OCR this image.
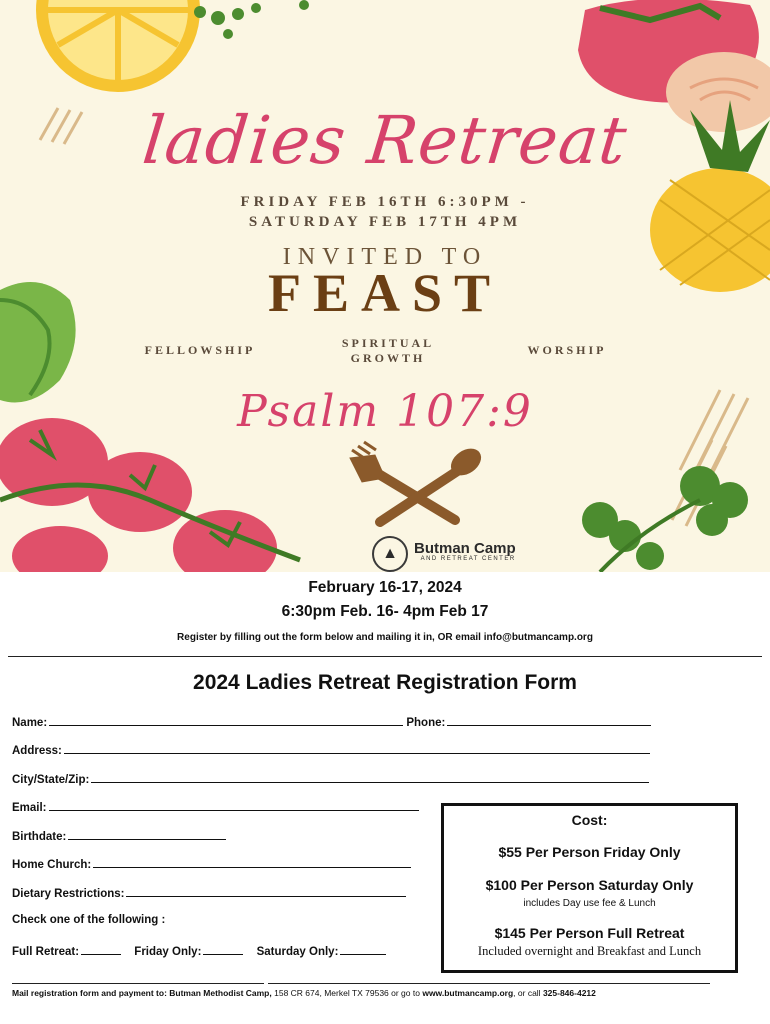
ladies Retreat
FRIDAY FEB 16TH 6:30PM -
SATURDAY FEB 17TH 4PM
INVITED TO
FEAST
FELLOWSHIP	SPIRITUAL
GROWTH
WORSHIP
Psalm 107:9
▲	Butman Camp
AND RETREAT CENTER
February 16-17, 2024
6:30pm Feb. 16- 4pm Feb 17
Register by filling out the form below and mailing it in, OR email info@butmancamp.org
2024 Ladies Retreat Registration Form
Name:	Phone:
Address:
City/State/Zip:
Email:
Birthdate:
Home Church:
Dietary Restrictions:
Check one of the following :
Full Retreat:	Friday Only:	Saturday Only:
Cost:
$55 Per Person Friday Only
$100 Per Person Saturday Only
includes Day use fee & Lunch
$145 Per Person Full Retreat
Included overnight and Breakfast and Lunch
Mail registration form and payment to: Butman Methodist Camp, 158 CR 674, Merkel TX 79536 or go to www.butmancamp.org, or call 325-846-4212
